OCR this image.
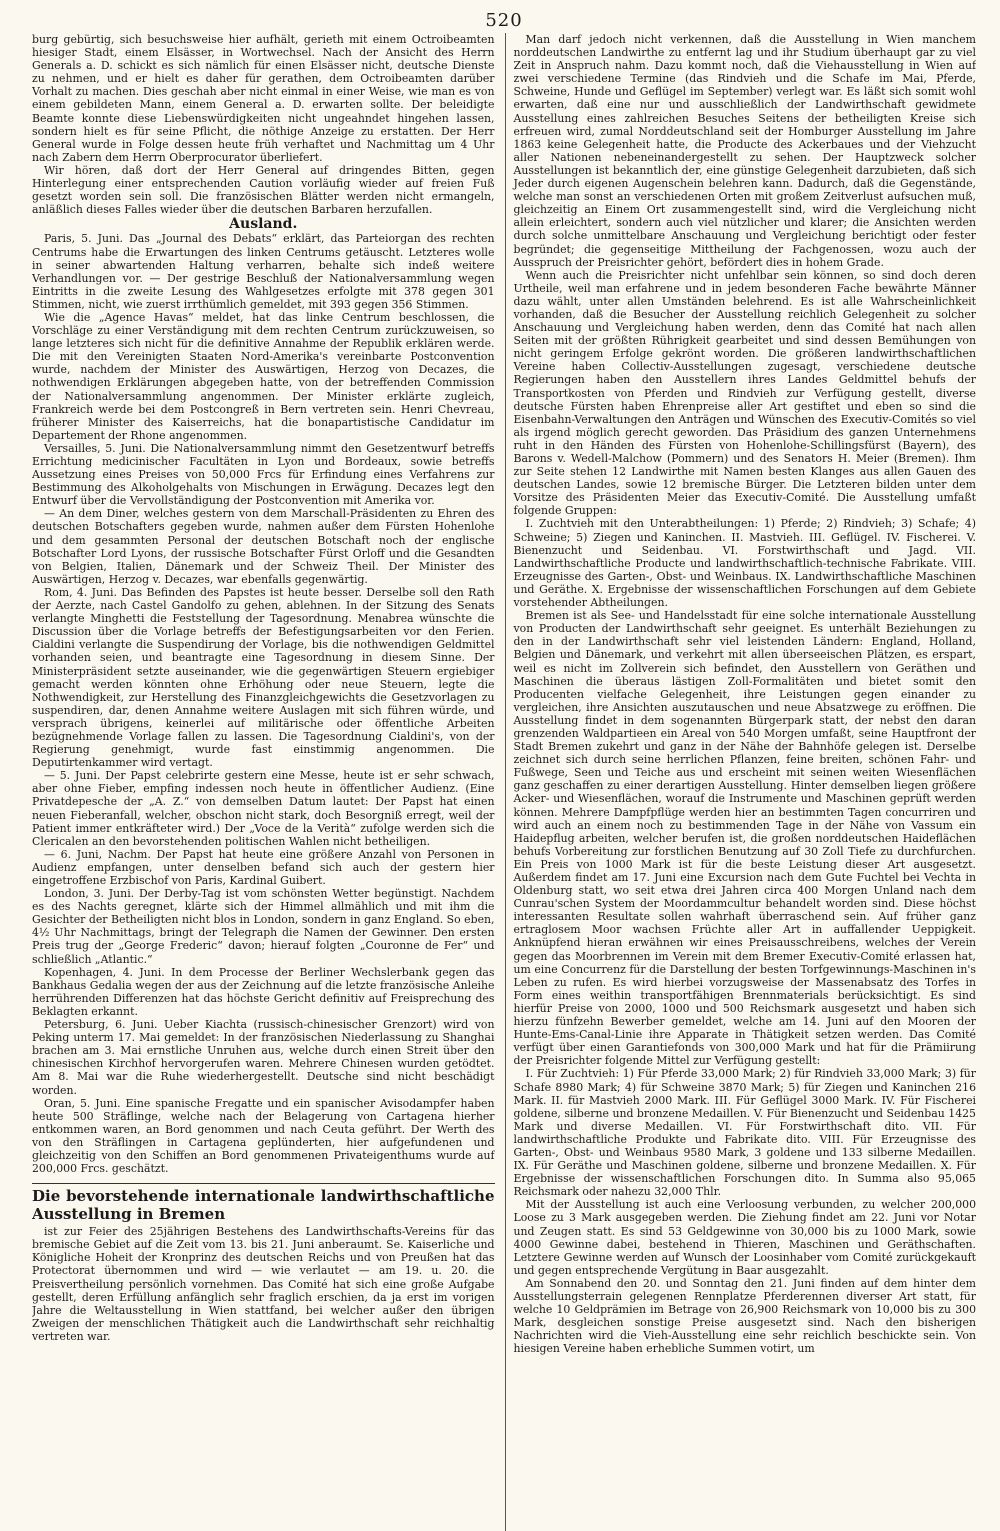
520

burg gebürtig, sich besuchsweise hier aufhält, gerieth mit einem Octroibeamten hiesiger Stadt, einem Elsässer, in Wortwechsel. Nach der Ansicht des Herrn Generals a. D. schickt es sich nämlich für einen Elsässer nicht, deutsche Dienste zu nehmen, und er hielt es daher für gerathen, dem Octroibeamten darüber Vorhalt zu machen. Dies geschah aber nicht einmal in einer Weise, wie man es von einem gebildeten Mann, einem General a. D. erwarten sollte. Der beleidigte Beamte konnte diese Liebenswürdigkeiten nicht ungeahndet hingehen lassen, sondern hielt es für seine Pflicht, die nöthige Anzeige zu erstatten. Der Herr General wurde in Folge dessen heute früh verhaftet und Nachmittag um 4 Uhr nach Zabern dem Herrn Oberprocurator überliefert.

Wir hören, daß dort der Herr General auf dringendes Bitten, gegen Hinterlegung einer entsprechenden Caution vorläufig wieder auf freien Fuß gesetzt worden sein soll. Die französischen Blätter werden nicht ermangeln, anläßlich dieses Falles wieder über die deutschen Barbaren herzufallen.

Ausland.

Paris, 5. Juni. Das „Journal des Debats“ erklärt, das Parteiorgan des rechten Centrums habe die Erwartungen des linken Centrums getäuscht. Letzteres wolle in seiner abwartenden Haltung verharren, behalte sich indeß weitere Verhandlungen vor. — Der gestrige Beschluß der Nationalversammlung wegen Eintritts in die zweite Lesung des Wahlgesetzes erfolgte mit 378 gegen 301 Stimmen, nicht, wie zuerst irrthümlich gemeldet, mit 393 gegen 356 Stimmen.

Wie die „Agence Havas“ meldet, hat das linke Centrum beschlossen, die Vorschläge zu einer Verständigung mit dem rechten Centrum zurückzuweisen, so lange letzteres sich nicht für die definitive Annahme der Republik erklären werde. Die mit den Vereinigten Staaten Nord-Amerika's vereinbarte Postconvention wurde, nachdem der Minister des Auswärtigen, Herzog von Decazes, die nothwendigen Erklärungen abgegeben hatte, von der betreffenden Commission der Nationalversammlung angenommen. Der Minister erklärte zugleich, Frankreich werde bei dem Postcongreß in Bern vertreten sein. Henri Chevreau, früherer Minister des Kaiserreichs, hat die bonapartistische Candidatur im Departement der Rhone angenommen.

Versailles, 5. Juni. Die Nationalversammlung nimmt den Gesetzentwurf betreffs Errichtung medicinischer Facultäten in Lyon und Bordeaux, sowie betreffs Aussetzung eines Preises von 50,000 Frcs für Erfindung eines Verfahrens zur Bestimmung des Alkoholgehalts von Mischungen in Erwägung. Decazes legt den Entwurf über die Vervollständigung der Postconvention mit Amerika vor.

— An dem Diner, welches gestern von dem Marschall-Präsidenten zu Ehren des deutschen Botschafters gegeben wurde, nahmen außer dem Fürsten Hohenlohe und dem gesammten Personal der deutschen Botschaft noch der englische Botschafter Lord Lyons, der russische Botschafter Fürst Orloff und die Gesandten von Belgien, Italien, Dänemark und der Schweiz Theil. Der Minister des Auswärtigen, Herzog v. Decazes, war ebenfalls gegenwärtig.

Rom, 4. Juni. Das Befinden des Papstes ist heute besser. Derselbe soll den Rath der Aerzte, nach Castel Gandolfo zu gehen, ablehnen. In der Sitzung des Senats verlangte Minghetti die Feststellung der Tagesordnung. Menabrea wünschte die Discussion über die Vorlage betreffs der Befestigungsarbeiten vor den Ferien. Cialdini verlangte die Suspendirung der Vorlage, bis die nothwendigen Geldmittel vorhanden seien, und beantragte eine Tagesordnung in diesem Sinne. Der Ministerpräsident setzte auseinander, wie die gegenwärtigen Steuern ergiebiger gemacht werden könnten ohne Erhöhung oder neue Steuern, legte die Nothwendigkeit, zur Herstellung des Finanzgleichgewichts die Gesetzvorlagen zu suspendiren, dar, denen Annahme weitere Auslagen mit sich führen würde, und versprach übrigens, keinerlei auf militärische oder öffentliche Arbeiten bezügnehmende Vorlage fallen zu lassen. Die Tagesordnung Cialdini's, von der Regierung genehmigt, wurde fast einstimmig angenommen. Die Deputirtenkammer wird vertagt.

— 5. Juni. Der Papst celebrirte gestern eine Messe, heute ist er sehr schwach, aber ohne Fieber, empfing indessen noch heute in öffentlicher Audienz. (Eine Privatdepesche der „A. Z.“ von demselben Datum lautet: Der Papst hat einen neuen Fieberanfall, welcher, obschon nicht stark, doch Besorgniß erregt, weil der Patient immer entkräfteter wird.) Der „Voce de la Verità“ zufolge werden sich die Clericalen an den bevorstehenden politischen Wahlen nicht betheiligen.

— 6. Juni, Nachm. Der Papst hat heute eine größere Anzahl von Personen in Audienz empfangen, unter denselben befand sich auch der gestern hier eingetroffene Erzbischof von Paris, Kardinal Guibert.

London, 3. Juni. Der Derby-Tag ist vom schönsten Wetter begünstigt. Nachdem es des Nachts geregnet, klärte sich der Himmel allmählich und mit ihm die Gesichter der Betheiligten nicht blos in London, sondern in ganz England. So eben, 4½ Uhr Nachmittags, bringt der Telegraph die Namen der Gewinner. Den ersten Preis trug der „George Frederic“ davon; hierauf folgten „Couronne de Fer“ und schließlich „Atlantic.“

Kopenhagen, 4. Juni. In dem Processe der Berliner Wechslerbank gegen das Bankhaus Gedalia wegen der aus der Zeichnung auf die letzte französische Anleihe herrührenden Differenzen hat das höchste Gericht definitiv auf Freisprechung des Beklagten erkannt.

Petersburg, 6. Juni. Ueber Kiachta (russisch-chinesischer Grenzort) wird von Peking unterm 17. Mai gemeldet: In der französischen Niederlassung zu Shanghai brachen am 3. Mai ernstliche Unruhen aus, welche durch einen Streit über den chinesischen Kirchhof hervorgerufen waren. Mehrere Chinesen wurden getödtet. Am 8. Mai war die Ruhe wiederhergestellt. Deutsche sind nicht beschädigt worden.

Oran, 5. Juni. Eine spanische Fregatte und ein spanischer Avisodampfer haben heute 500 Sträflinge, welche nach der Belagerung von Cartagena hierher entkommen waren, an Bord genommen und nach Ceuta geführt. Der Werth des von den Sträflingen in Cartagena geplünderten, hier aufgefundenen und gleichzeitig von den Schiffen an Bord genommenen Privateigenthums wurde auf 200,000 Frcs. geschätzt.

Die bevorstehende internationale landwirthschaftliche Ausstellung in Bremen

ist zur Feier des 25jährigen Bestehens des Landwirthschafts-Vereins für das bremische Gebiet auf die Zeit vom 13. bis 21. Juni anberaumt. Se. Kaiserliche und Königliche Hoheit der Kronprinz des deutschen Reichs und von Preußen hat das Protectorat übernommen und wird — wie verlautet — am 19. u. 20. die Preisvertheilung persönlich vornehmen. Das Comité hat sich eine große Aufgabe gestellt, deren Erfüllung anfänglich sehr fraglich erschien, da ja erst im vorigen Jahre die Weltausstellung in Wien stattfand, bei welcher außer den übrigen Zweigen der menschlichen Thätigkeit auch die Landwirthschaft sehr reichhaltig vertreten war.

Man darf jedoch nicht verkennen, daß die Ausstellung in Wien manchem norddeutschen Landwirthe zu entfernt lag und ihr Studium überhaupt gar zu viel Zeit in Anspruch nahm. Dazu kommt noch, daß die Viehausstellung in Wien auf zwei verschiedene Termine (das Rindvieh und die Schafe im Mai, Pferde, Schweine, Hunde und Geflügel im September) verlegt war. Es läßt sich somit wohl erwarten, daß eine nur und ausschließlich der Landwirthschaft gewidmete Ausstellung eines zahlreichen Besuches Seitens der betheiligten Kreise sich erfreuen wird, zumal Norddeutschland seit der Homburger Ausstellung im Jahre 1863 keine Gelegenheit hatte, die Producte des Ackerbaues und der Viehzucht aller Nationen nebeneinandergestellt zu sehen. Der Hauptzweck solcher Ausstellungen ist bekanntlich der, eine günstige Gelegenheit darzubieten, daß sich Jeder durch eigenen Augenschein belehren kann. Dadurch, daß die Gegenstände, welche man sonst an verschiedenen Orten mit großem Zeitverlust aufsuchen muß, gleichzeitig an Einem Ort zusammengestellt sind, wird die Vergleichung nicht allein erleichtert, sondern auch viel nützlicher und klarer; die Ansichten werden durch solche unmittelbare Anschauung und Vergleichung berichtigt oder fester begründet; die gegenseitige Mittheilung der Fachgenossen, wozu auch der Ausspruch der Preisrichter gehört, befördert dies in hohem Grade.

Wenn auch die Preisrichter nicht unfehlbar sein können, so sind doch deren Urtheile, weil man erfahrene und in jedem besonderen Fache bewährte Männer dazu wählt, unter allen Umständen belehrend. Es ist alle Wahrscheinlichkeit vorhanden, daß die Besucher der Ausstellung reichlich Gelegenheit zu solcher Anschauung und Vergleichung haben werden, denn das Comité hat nach allen Seiten mit der größten Rührigkeit gearbeitet und sind dessen Bemühungen von nicht geringem Erfolge gekrönt worden. Die größeren landwirthschaftlichen Vereine haben Collectiv-Ausstellungen zugesagt, verschiedene deutsche Regierungen haben den Ausstellern ihres Landes Geldmittel behufs der Transportkosten von Pferden und Rindvieh zur Verfügung gestellt, diverse deutsche Fürsten haben Ehrenpreise aller Art gestiftet und eben so sind die Eisenbahn-Verwaltungen den Anträgen und Wünschen des Executiv-Comités so viel als irgend möglich gerecht geworden. Das Präsidium des ganzen Unternehmens ruht in den Händen des Fürsten von Hohenlohe-Schillingsfürst (Bayern), des Barons v. Wedell-Malchow (Pommern) und des Senators H. Meier (Bremen). Ihm zur Seite stehen 12 Landwirthe mit Namen besten Klanges aus allen Gauen des deutschen Landes, sowie 12 bremische Bürger. Die Letzteren bilden unter dem Vorsitze des Präsidenten Meier das Executiv-Comité. Die Ausstellung umfaßt folgende Gruppen:

I. Zuchtvieh mit den Unterabtheilungen: 1) Pferde; 2) Rindvieh; 3) Schafe; 4) Schweine; 5) Ziegen und Kaninchen. II. Mastvieh. III. Geflügel. IV. Fischerei. V. Bienenzucht und Seidenbau. VI. Forstwirthschaft und Jagd. VII. Landwirthschaftliche Producte und landwirthschaftlich-technische Fabrikate. VIII. Erzeugnisse des Garten-, Obst- und Weinbaus. IX. Landwirthschaftliche Maschinen und Geräthe. X. Ergebnisse der wissenschaftlichen Forschungen auf dem Gebiete vorstehender Abtheilungen.

Bremen ist als See- und Handelsstadt für eine solche internationale Ausstellung von Producten der Landwirthschaft sehr geeignet. Es unterhält Beziehungen zu den in der Landwirthschaft sehr viel leistenden Ländern: England, Holland, Belgien und Dänemark, und verkehrt mit allen überseeischen Plätzen, es erspart, weil es nicht im Zollverein sich befindet, den Ausstellern von Geräthen und Maschinen die überaus lästigen Zoll-Formalitäten und bietet somit den Producenten vielfache Gelegenheit, ihre Leistungen gegen einander zu vergleichen, ihre Ansichten auszutauschen und neue Absatzwege zu eröffnen. Die Ausstellung findet in dem sogenannten Bürgerpark statt, der nebst den daran grenzenden Waldpartieen ein Areal von 540 Morgen umfaßt, seine Hauptfront der Stadt Bremen zukehrt und ganz in der Nähe der Bahnhöfe gelegen ist. Derselbe zeichnet sich durch seine herrlichen Pflanzen, feine breiten, schönen Fahr- und Fußwege, Seen und Teiche aus und erscheint mit seinen weiten Wiesenflächen ganz geschaffen zu einer derartigen Ausstellung. Hinter demselben liegen größere Acker- und Wiesenflächen, worauf die Instrumente und Maschinen geprüft werden können. Mehrere Dampfpflüge werden hier an bestimmten Tagen concurriren und wird auch an einem noch zu bestimmenden Tage in der Nähe von Vassum ein Haidepflug arbeiten, welcher berufen ist, die großen norddeutschen Haideflächen behufs Vorbereitung zur forstlichen Benutzung auf 30 Zoll Tiefe zu durchfurchen. Ein Preis von 1000 Mark ist für die beste Leistung dieser Art ausgesetzt. Außerdem findet am 17. Juni eine Excursion nach dem Gute Fuchtel bei Vechta in Oldenburg statt, wo seit etwa drei Jahren circa 400 Morgen Unland nach dem Cunrau'schen System der Moordammcultur behandelt worden sind. Diese höchst interessanten Resultate sollen wahrhaft überraschend sein. Auf früher ganz ertraglosem Moor wachsen Früchte aller Art in auffallender Ueppigkeit. Anknüpfend hieran erwähnen wir eines Preisausschreibens, welches der Verein gegen das Moorbrennen im Verein mit dem Bremer Executiv-Comité erlassen hat, um eine Concurrenz für die Darstellung der besten Torfgewinnungs-Maschinen in's Leben zu rufen. Es wird hierbei vorzugsweise der Massenabsatz des Torfes in Form eines weithin transportfähigen Brennmaterials berücksichtigt. Es sind hierfür Preise von 2000, 1000 und 500 Reichsmark ausgesetzt und haben sich hierzu fünfzehn Bewerber gemeldet, welche am 14. Juni auf den Mooren der Hunte-Ems-Canal-Linie ihre Apparate in Thätigkeit setzen werden. Das Comité verfügt über einen Garantiefonds von 300,000 Mark und hat für die Prämiirung der Preisrichter folgende Mittel zur Verfügung gestellt:

I. Für Zuchtvieh: 1) Für Pferde 33,000 Mark; 2) für Rindvieh 33,000 Mark; 3) für Schafe 8980 Mark; 4) für Schweine 3870 Mark; 5) für Ziegen und Kaninchen 216 Mark. II. für Mastvieh 2000 Mark. III. Für Geflügel 3000 Mark. IV. Für Fischerei goldene, silberne und bronzene Medaillen. V. Für Bienenzucht und Seidenbau 1425 Mark und diverse Medaillen. VI. Für Forstwirthschaft dito. VII. Für landwirthschaftliche Produkte und Fabrikate dito. VIII. Für Erzeugnisse des Garten-, Obst- und Weinbaus 9580 Mark, 3 goldene und 133 silberne Medaillen. IX. Für Geräthe und Maschinen goldene, silberne und bronzene Medaillen. X. Für Ergebnisse der wissenschaftlichen Forschungen dito. In Summa also 95,065 Reichsmark oder nahezu 32,000 Thlr.

Mit der Ausstellung ist auch eine Verloosung verbunden, zu welcher 200,000 Loose zu 3 Mark ausgegeben werden. Die Ziehung findet am 22. Juni vor Notar und Zeugen statt. Es sind 53 Geldgewinne von 30,000 bis zu 1000 Mark, sowie 4000 Gewinne dabei, bestehend in Thieren, Maschinen und Geräthschaften. Letztere Gewinne werden auf Wunsch der Loosinhaber vom Comité zurückgekauft und gegen entsprechende Vergütung in Baar ausgezahlt.

Am Sonnabend den 20. und Sonntag den 21. Juni finden auf dem hinter dem Ausstellungsterrain gelegenen Rennplatze Pferderennen diverser Art statt, für welche 10 Geldprämien im Betrage von 26,900 Reichsmark von 10,000 bis zu 300 Mark, desgleichen sonstige Preise ausgesetzt sind. Nach den bisherigen Nachrichten wird die Vieh-Ausstellung eine sehr reichlich beschickte sein. Von hiesigen Vereine haben erhebliche Summen votirt, um
